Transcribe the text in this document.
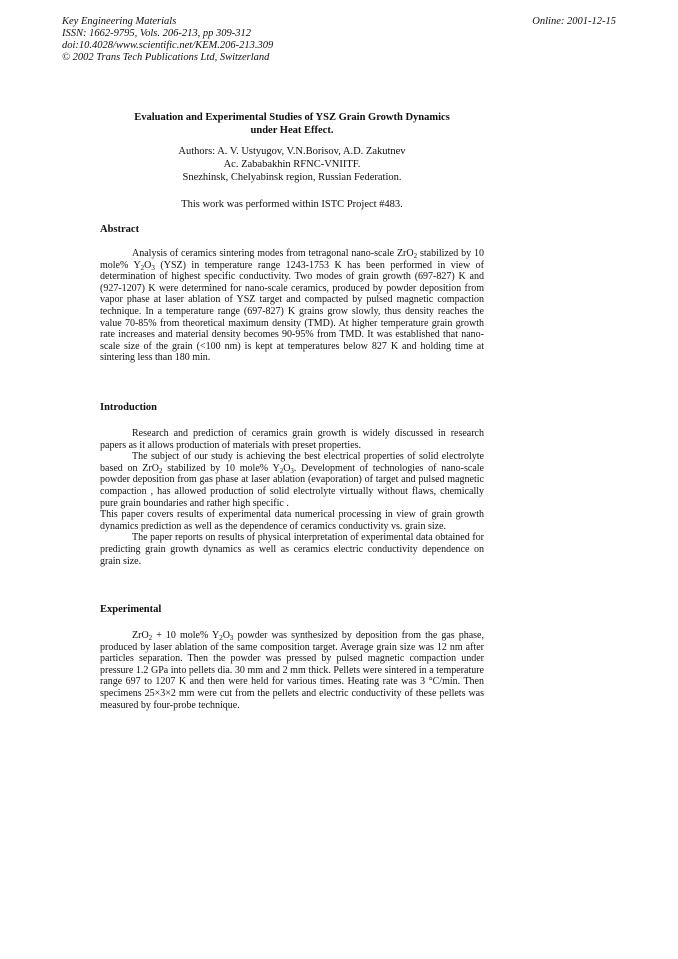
Key Engineering Materials
ISSN: 1662-9795, Vols. 206-213, pp 309-312
doi:10.4028/www.scientific.net/KEM.206-213.309
© 2002 Trans Tech Publications Ltd, Switzerland
Online: 2001-12-15
Evaluation and Experimental Studies of YSZ Grain Growth Dynamics
under Heat Effect.
Authors: A. V. Ustyugov, V.N.Borisov, A.D. Zakutnev
Ac. Zababakhin RFNC-VNIITF.
Snezhinsk, Chelyabinsk region, Russian Federation.
This work was performed within ISTC Project #483.
Abstract

Analysis of ceramics sintering modes from tetragonal nano-scale ZrO$_2$ stabilized by 10 mole% $Y_2O_3$ (YSZ) in temperature range 1243-1753 K has been performed in view of determination of highest specific conductivity. Two modes of grain growth (697-827) K and (927-1207) K were determined for nano-scale ceramics, produced by powder deposition from vapor phase at laser ablation of YSZ target and compacted by pulsed magnetic compaction technique. In a temperature range (697-827) K grains grow slowly, thus density reaches the value 70-85% from theoretical maximum density (TMD). At higher temperature grain growth rate increases and material density becomes 90-95% from TMD. It was established that nano-scale size of the grain (<100 nm) is kept at temperatures below 827 K and holding time at sintering less than 180 min.

Introduction

Research and prediction of ceramics grain growth is widely discussed in research papers as it allows production of materials with preset properties.

The subject of our study is achieving the best electrical properties of solid electrolyte based on ZrO$_2$ stabilized by 10 mole% $Y_2O_3$. Development of technologies of nano-scale powder deposition from gas phase at laser ablation (evaporation) of target and pulsed magnetic compaction , has allowed production of solid electrolyte virtually without flaws, chemically pure grain boundaries and rather high specific .

This paper covers results of experimental data numerical processing in view of grain growth dynamics prediction as well as the dependence of ceramics conductivity vs. grain size.

The paper reports on results of physical interpretation of experimental data obtained for predicting grain growth dynamics as well as ceramics electric conductivity dependence on grain size.

Experimental

ZrO$_2$ + 10 mole% $Y_2O_3$ powder was synthesized by deposition from the gas phase, produced by laser ablation of the same composition target. Average grain size was 12 nm after particles separation. Then the powder was pressed by pulsed magnetic compaction under pressure 1.2 GPa into pellets dia. 30 mm and 2 mm thick. Pellets were sintered in a temperature range 697 to 1207 K and then were held for various times. Heating rate was 3 °C/min. Then specimens 25×3×2 mm were cut from the pellets and electric conductivity of these pellets was measured by four-probe technique.
